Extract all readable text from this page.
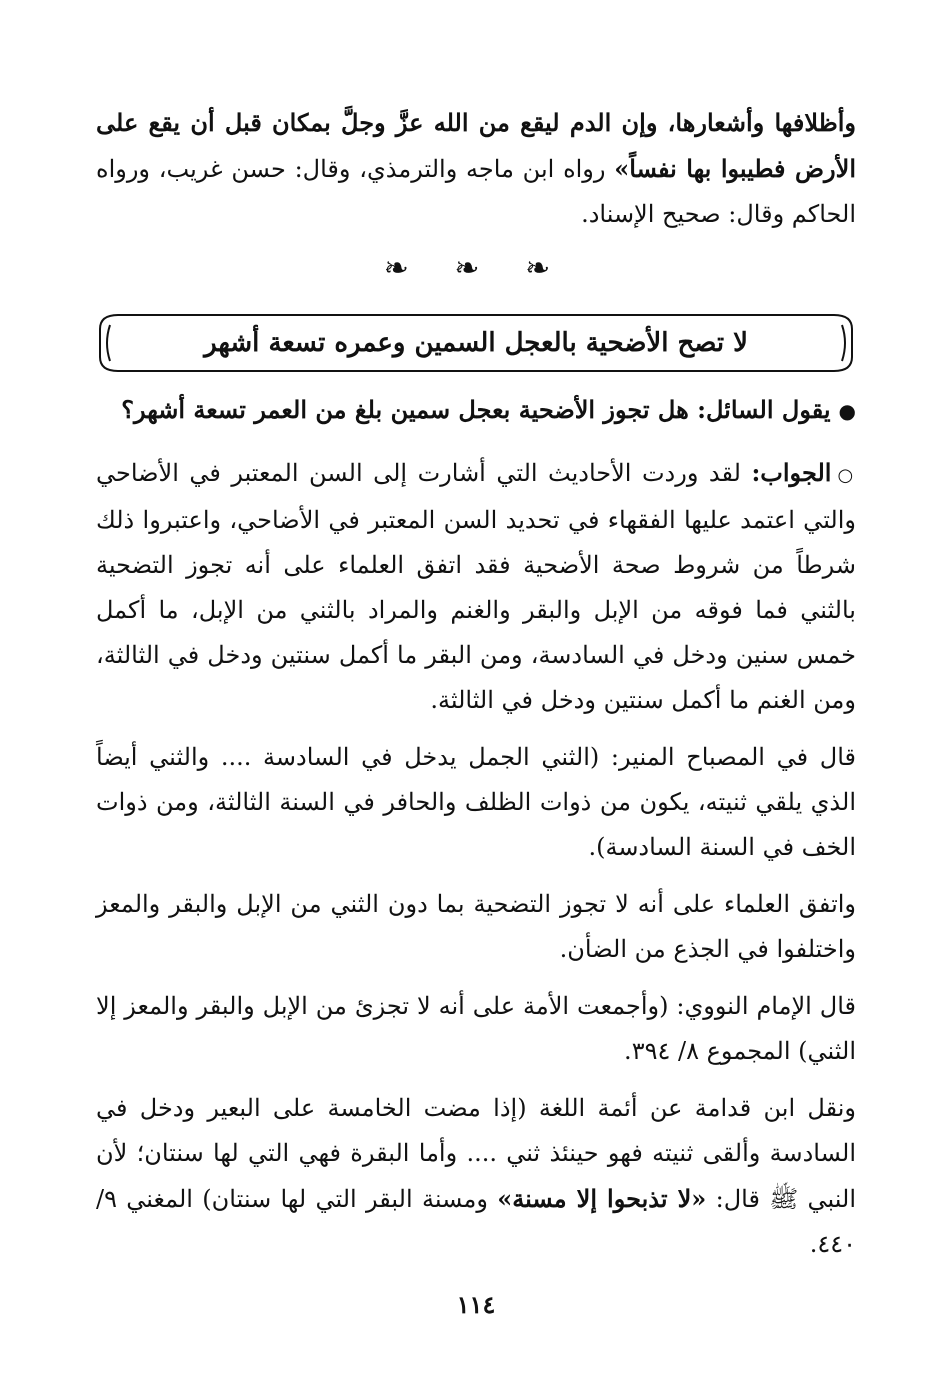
وأظلافها وأشعارها، وإن الدم ليقع من الله عزَّ وجلَّ بمكان قبل أن يقع على الأرض فطيبوا بها نفساً» رواه ابن ماجه والترمذي، وقال: حسن غريب، ورواه الحاكم وقال: صحيح الإسناد.
❧ ❧ ❧
لا تصح الأضحية بالعجل السمين وعمره تسعة أشهر
●يقول السائل: هل تجوز الأضحية بعجل سمين بلغ من العمر تسعة أشهر؟
○الجواب: لقد وردت الأحاديث التي أشارت إلى السن المعتبر في الأضاحي والتي اعتمد عليها الفقهاء في تحديد السن المعتبر في الأضاحي، واعتبروا ذلك شرطاً من شروط صحة الأضحية فقد اتفق العلماء على أنه تجوز التضحية بالثني فما فوقه من الإبل والبقر والغنم والمراد بالثني من الإبل، ما أكمل خمس سنين ودخل في السادسة، ومن البقر ما أكمل سنتين ودخل في الثالثة، ومن الغنم ما أكمل سنتين ودخل في الثالثة.
قال في المصباح المنير: (الثني الجمل يدخل في السادسة .... والثني أيضاً الذي يلقي ثنيته، يكون من ذوات الظلف والحافر في السنة الثالثة، ومن ذوات الخف في السنة السادسة).
واتفق العلماء على أنه لا تجوز التضحية بما دون الثني من الإبل والبقر والمعز واختلفوا في الجذع من الضأن.
قال الإمام النووي: (وأجمعت الأمة على أنه لا تجزئ من الإبل والبقر والمعز إلا الثني) المجموع ٨/ ٣٩٤.
ونقل ابن قدامة عن أئمة اللغة (إذا مضت الخامسة على البعير ودخل في السادسة وألقى ثنيته فهو حينئذ ثني .... وأما البقرة فهي التي لها سنتان؛ لأن النبي ﷺ قال: «لا تذبحوا إلا مسنة» ومسنة البقر التي لها سنتان) المغني ٩/ ٤٤٠.
١١٤
